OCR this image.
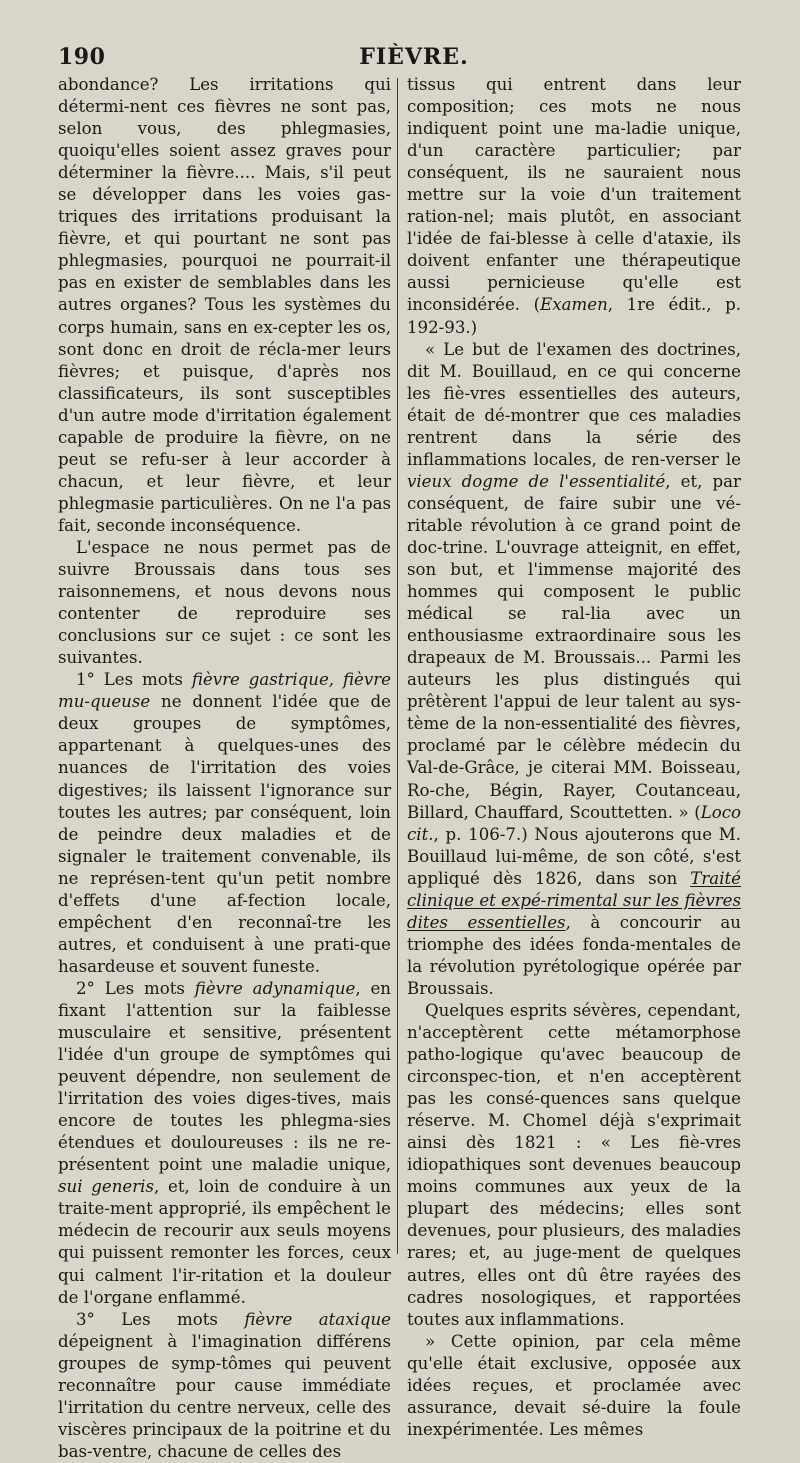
190	FIÈVRE.

abondance? Les irritations qui détermi-nent ces fièvres ne sont pas, selon vous, des phlegmasies, quoiqu'elles soient assez graves pour déterminer la fièvre.... Mais, s'il peut se développer dans les voies gas-triques des irritations produisant la fièvre, et qui pourtant ne sont pas phlegmasies, pourquoi ne pourrait-il pas en exister de semblables dans les autres organes? Tous les systèmes du corps humain, sans en ex-cepter les os, sont donc en droit de récla-mer leurs fièvres; et puisque, d'après nos classificateurs, ils sont susceptibles d'un autre mode d'irritation également capable de produire la fièvre, on ne peut se refu-ser à leur accorder à chacun, et leur fièvre, et leur phlegmasie particulières. On ne l'a pas fait, seconde inconséquence.

L'espace ne nous permet pas de suivre Broussais dans tous ses raisonnemens, et nous devons nous contenter de reproduire ses conclusions sur ce sujet : ce sont les suivantes.

1° Les mots fièvre gastrique, fièvre mu-queuse ne donnent l'idée que de deux groupes de symptômes, appartenant à quelques-unes des nuances de l'irritation des voies digestives; ils laissent l'ignorance sur toutes les autres; par conséquent, loin de peindre deux maladies et de signaler le traitement convenable, ils ne représen-tent qu'un petit nombre d'effets d'une af-fection locale, empêchent d'en reconnaî-tre les autres, et conduisent à une prati-que hasardeuse et souvent funeste.

2° Les mots fièvre adynamique, en fixant l'attention sur la faiblesse musculaire et sensitive, présentent l'idée d'un groupe de symptômes qui peuvent dépendre, non seulement de l'irritation des voies diges-tives, mais encore de toutes les phlegma-sies étendues et douloureuses : ils ne re-présentent point une maladie unique, sui generis, et, loin de conduire à un traite-ment approprié, ils empêchent le médecin de recourir aux seuls moyens qui puissent remonter les forces, ceux qui calment l'ir-ritation et la douleur de l'organe enflammé.

3° Les mots fièvre ataxique dépeignent à l'imagination différens groupes de symp-tômes qui peuvent reconnaître pour cause immédiate l'irritation du centre nerveux, celle des viscères principaux de la poitrine et du bas-ventre, chacune de celles des

tissus qui entrent dans leur composition; ces mots ne nous indiquent point une ma-ladie unique, d'un caractère particulier; par conséquent, ils ne sauraient nous mettre sur la voie d'un traitement ration-nel; mais plutôt, en associant l'idée de fai-blesse à celle d'ataxie, ils doivent enfanter une thérapeutique aussi pernicieuse qu'elle est inconsidérée. (Examen, 1re édit., p. 192-93.)

« Le but de l'examen des doctrines, dit M. Bouillaud, en ce qui concerne les fiè-vres essentielles des auteurs, était de dé-montrer que ces maladies rentrent dans la série des inflammations locales, de ren-verser le vieux dogme de l'essentialité, et, par conséquent, de faire subir une vé-ritable révolution à ce grand point de doc-trine. L'ouvrage atteignit, en effet, son but, et l'immense majorité des hommes qui composent le public médical se ral-lia avec un enthousiasme extraordinaire sous les drapeaux de M. Broussais... Parmi les auteurs les plus distingués qui prêtèrent l'appui de leur talent au sys-tème de la non-essentialité des fièvres, proclamé par le célèbre médecin du Val-de-Grâce, je citerai MM. Boisseau, Ro-che, Bégin, Rayer, Coutanceau, Billard, Chauffard, Scouttetten. » (Loco cit., p. 106-7.) Nous ajouterons que M. Bouillaud lui-même, de son côté, s'est appliqué dès 1826, dans son Traité clinique et expé-rimental sur les fièvres dites essentielles, à concourir au triomphe des idées fonda-mentales de la révolution pyrétologique opérée par Broussais.

Quelques esprits sévères, cependant, n'acceptèrent cette métamorphose patho-logique qu'avec beaucoup de circonspec-tion, et n'en acceptèrent pas les consé-quences sans quelque réserve. M. Chomel déjà s'exprimait ainsi dès 1821 : « Les fiè-vres idiopathiques sont devenues beaucoup moins communes aux yeux de la plupart des médecins; elles sont devenues, pour plusieurs, des maladies rares; et, au juge-ment de quelques autres, elles ont dû être rayées des cadres nosologiques, et rapportées toutes aux inflammations.

» Cette opinion, par cela même qu'elle était exclusive, opposée aux idées reçues, et proclamée avec assurance, devait sé-duire la foule inexpérimentée. Les mêmes
